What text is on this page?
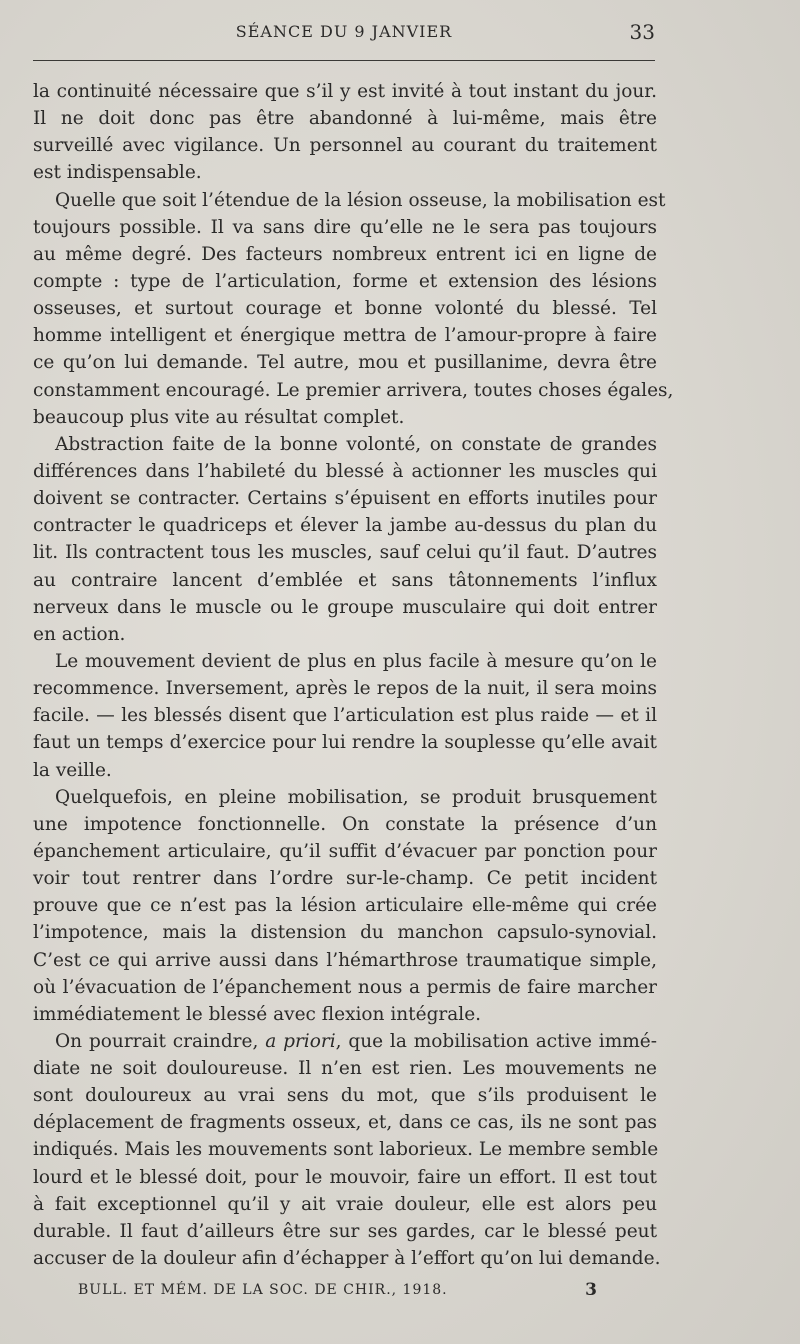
SÉANCE DU 9 JANVIER	33
la continuité nécessaire que s’il y est invité à tout instant du jour.
Il ne doit donc pas être abandonné à lui-même, mais être
surveillé avec vigilance. Un personnel au courant du traitement
est indispensable.
Quelle que soit l’étendue de la lésion osseuse, la mobilisation est
toujours possible. Il va sans dire qu’elle ne le sera pas toujours
au même degré. Des facteurs nombreux entrent ici en ligne de
compte : type de l’articulation, forme et extension des lésions
osseuses, et surtout courage et bonne volonté du blessé. Tel
homme intelligent et énergique mettra de l’amour-propre à faire
ce qu’on lui demande. Tel autre, mou et pusillanime, devra être
constamment encouragé. Le premier arrivera, toutes choses égales,
beaucoup plus vite au résultat complet.
Abstraction faite de la bonne volonté, on constate de grandes
différences dans l’habileté du blessé à actionner les muscles qui
doivent se contracter. Certains s’épuisent en efforts inutiles pour
contracter le quadriceps et élever la jambe au-dessus du plan du
lit. Ils contractent tous les muscles, sauf celui qu’il faut. D’autres
au contraire lancent d’emblée et sans tâtonnements l’influx
nerveux dans le muscle ou le groupe musculaire qui doit entrer
en action.
Le mouvement devient de plus en plus facile à mesure qu’on le
recommence. Inversement, après le repos de la nuit, il sera moins
facile. — les blessés disent que l’articulation est plus raide — et il
faut un temps d’exercice pour lui rendre la souplesse qu’elle avait
la veille.
Quelquefois, en pleine mobilisation, se produit brusquement
une impotence fonctionnelle. On constate la présence d’un
épanchement articulaire, qu’il suffit d’évacuer par ponction pour
voir tout rentrer dans l’ordre sur-le-champ. Ce petit incident
prouve que ce n’est pas la lésion articulaire elle-même qui crée
l’impotence, mais la distension du manchon capsulo-synovial.
C’est ce qui arrive aussi dans l’hémarthrose traumatique simple,
où l’évacuation de l’épanchement nous a permis de faire marcher
immédiatement le blessé avec flexion intégrale.
On pourrait craindre, a priori, que la mobilisation active immé-
diate ne soit douloureuse. Il n’en est rien. Les mouvements ne
sont douloureux au vrai sens du mot, que s’ils produisent le
déplacement de fragments osseux, et, dans ce cas, ils ne sont pas
indiqués. Mais les mouvements sont laborieux. Le membre semble
lourd et le blessé doit, pour le mouvoir, faire un effort. Il est tout
à fait exceptionnel qu’il y ait vraie douleur, elle est alors peu
durable. Il faut d’ailleurs être sur ses gardes, car le blessé peut
accuser de la douleur afin d’échapper à l’effort qu’on lui demande.
BULL. ET MÉM. DE LA SOC. DE CHIR., 1918.	3
